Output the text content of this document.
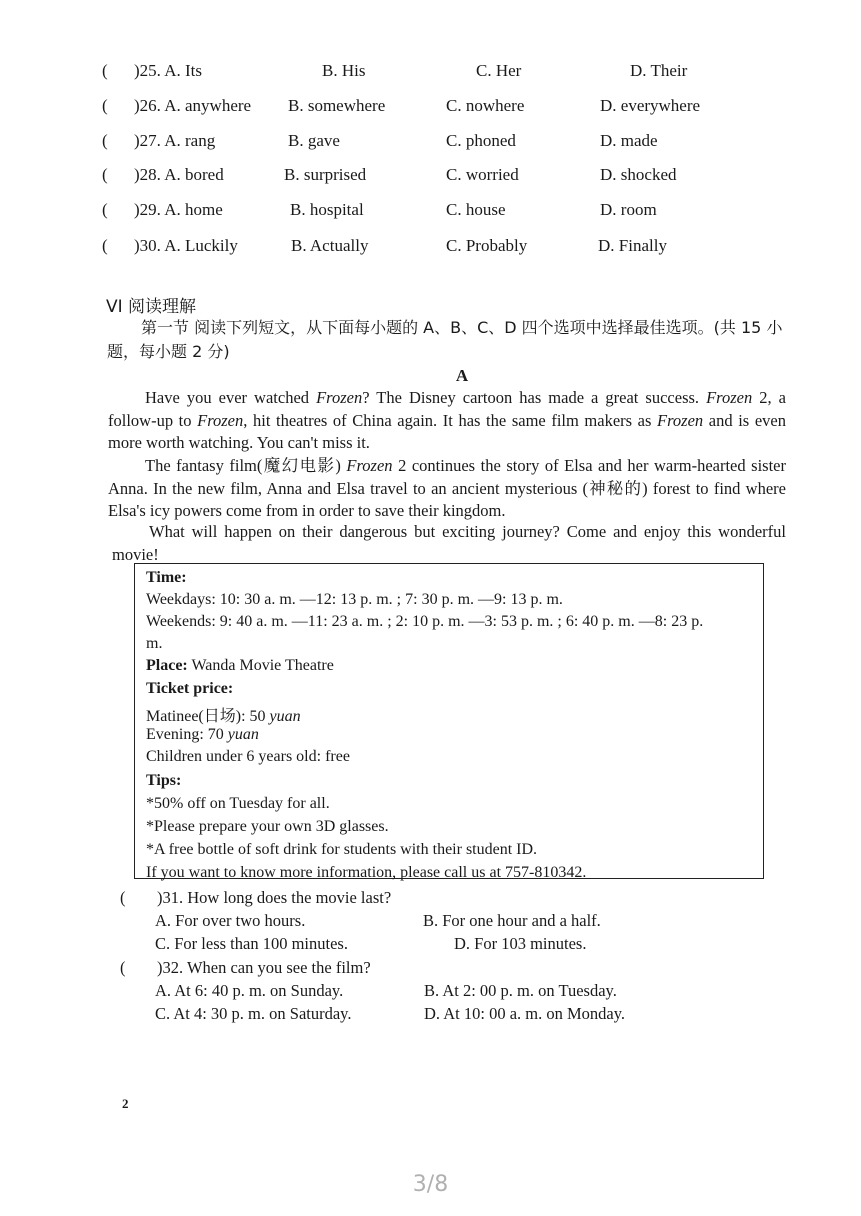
( )25. A. Its	B. His	C. Her	D. Their
( )26. A. anywhere B. somewhere	C. nowhere	D. everywhere
( )27. A. rang	B. gave	C. phoned	D. made
( )28. A. bored	B. surprised	C. worried	D. shocked
( )29. A. home	B. hospital	C. house	D. room
( )30. A. Luckily	B. Actually	C. Probably	D. Finally
VI 阅读理解
第一节 阅读下列短文，从下面每小题的 A、B、C、D 四个选项中选择最佳选项。(共 15 小题，每小题 2 分)
A
Have you ever watched Frozen? The Disney cartoon has made a great success. Frozen 2, a follow-up to Frozen, hit theatres of China again. It has the same film makers as Frozen and is even more worth watching. You can't miss it.
The fantasy film(魔幻电影) Frozen 2 continues the story of Elsa and her warm-hearted sister Anna. In the new film, Anna and Elsa travel to an ancient mysterious (神秘的) forest to find where Elsa's icy powers come from in order to save their kingdom.
What will happen on their dangerous but exciting journey? Come and enjoy this wonderful movie!
Time:
Weekdays: 10: 30 a. m. —12: 13 p. m. ; 7: 30 p. m. —9: 13 p. m.
Weekends: 9: 40 a. m. —11: 23 a. m. ; 2: 10 p. m. —3: 53 p. m. ; 6: 40 p. m. —8: 23 p.
m.
Place: Wanda Movie Theatre
Ticket price:
Matinee(日场): 50 yuan
Evening: 70 yuan
Children under 6 years old: free
Tips:
*50% off on Tuesday for all.
*Please prepare your own 3D glasses.
*A free bottle of soft drink for students with their student ID.
If you want to know more information, please call us at 757-810342.
( )31. How long does the movie last?
A. For over two hours.	B. For one hour and a half.
C. For less than 100 minutes.	D. For 103 minutes.
( )32. When can you see the film?
A. At 6: 40 p. m. on Sunday.	B. At 2: 00 p. m. on Tuesday.
C. At 4: 30 p. m. on Saturday.	D. At 10: 00 a. m. on Monday.
2
3/8
